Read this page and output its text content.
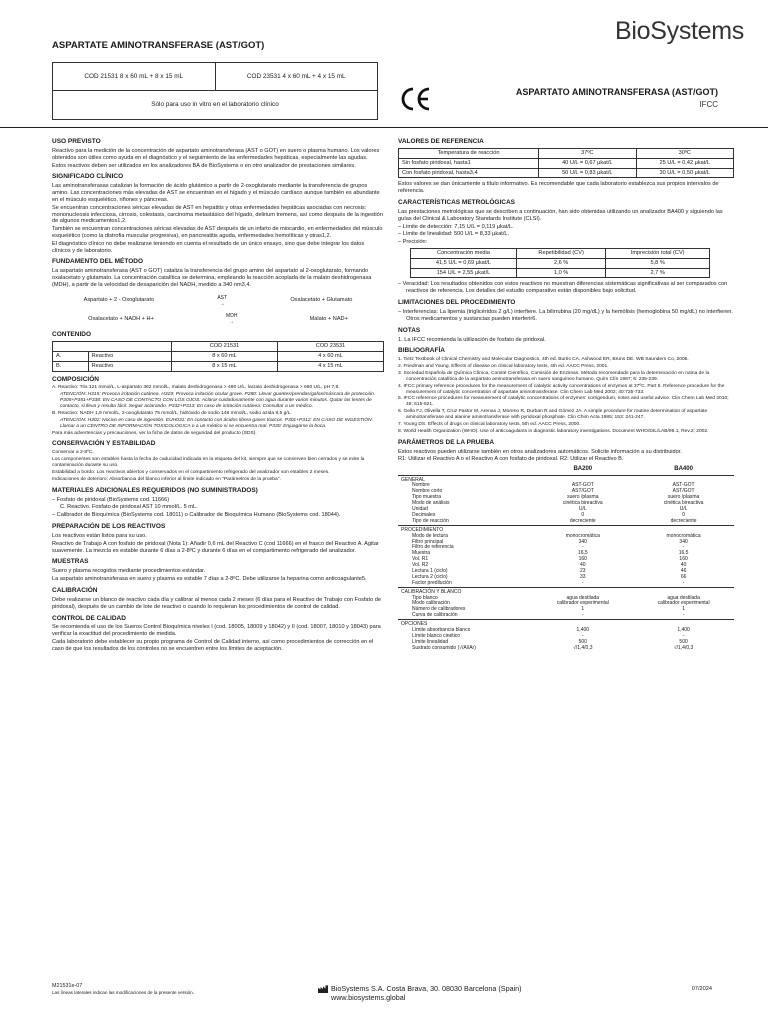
BioSystems
ASPARTATE AMINOTRANSFERASE (AST/GOT)
COD 21531 8 x 60 mL + 8 x 15 mL	COD 23531 4 x 60 mL + 4 x 15 mL
Sólo para uso in vitro en el laboratorio clínico
ASPARTATO AMINOTRANSFERASA (AST/GOT)
IFCC
USO PREVISTO

Reactivo para la medición de la concentración de aspartato aminotransferasa (AST o GOT) en suero o plasma humano. Los valores obtenidos son útiles como ayuda en el diagnóstico y el seguimiento de las enfermedades hepáticas, especialmente las agudas.

Estos reactivos deben ser utilizados en los analizadores BA de BioSystems o en otro analizador de prestaciones similares.

SIGNIFICADO CLÍNICO

Las aminotransferasas catalizan la formación de ácido glutámico a partir de 2-oxoglutarato mediante la transferencia de grupos amino. Las concentraciones más elevadas de AST se encuentran en el hígado y el músculo cardíaco aunque también es abundante en el músculo esquelético, riñones y páncreas.

Se encuentran concentraciones séricas elevadas de AST en hepatitis y otras enfermedades hepáticas asociadas con necrosis: mononucleosis infecciosa, cirrosis, colestasis, carcinoma metastásico del hígado, delirium tremens, así como después de la ingestión de algunos medicamentos1,2.

También se encuentran concentraciones séricas elevadas de AST después de un infarto de miocardio, en enfermedades del músculo esquelético (como la distrofia muscular progresiva), en pancreatitis aguda, enfermedades hemolíticas y otras1,2.

El diagnóstico clínico no debe realizarse teniendo en cuenta el resultado de un único ensayo, sino que debe integrar los datos clínicos y de laboratorio.

FUNDAMENTO DEL MÉTODO

La aspartato aminotransferasa (AST o GOT) cataliza la transferencia del grupo amino del aspartato al 2-oxoglutarato, formando oxalacetato y glutamato. La concentración catalítica se determina, empleando la reacción acoplada de la malato deshidrogenasa (MDH), a partir de la velocidad de desaparición del NADH, medido a 340 nm3,4.

Aspartato + 2 - Oxoglutarato	AST
→
Oxalacetato + Glutamato
Oxalacetato + NADH + H+	MDH
→
Malato + NAD+
CONTENIDO
		COD 21531	COD 23531
A.	Reactivo	8 x 60 mL	4 x 60 mL
B.	Reactivo	8 x 15 mL	4 x 15 mL
COMPOSICIÓN

A. Reactivo: Tris 121 mmol/L, L-aspartato 362 mmol/L, malato deshidrogenasa > 460 U/L, lactato deshidrogenasa > 660 U/L, pH 7,8.

ATENCIÓN: H315: Provoca irritación cutánea. H319: Provoca irritación ocular grave. P280: Llevar guantes/prendas/gafas/máscara de protección. P305+P351+P338: EN CASO DE CONTACTO CON LOS OJOS: Aclarar cuidadosamente con agua durante varios minutos. Quitar las lentes de contacto, si lleva y resulta fácil. Seguir aclarando. P332+P313: En caso de irritación cutánea: Consultar a un médico.

B. Reactivo: NADH 1,9 mmol/L, 2-oxoglutarato 75 mmol/L, hidróxido de sodio 148 mmol/L, sodio azida 9,5 g/L.

ATENCIÓN: H302: Nocivo en caso de ingestión. EUH031: En contacto con ácidos libera gases tóxicos. P301+P312: EN CASO DE INGESTIÓN: Llamar a un CENTRO DE INFORMACIÓN TOXICOLÓGICA o a un médico si se encuentra mal. P330: Enjuagarse la boca.

Para más advertencias y precauciones, ver la ficha de datos de seguridad del producto (SDS).

CONSERVACIÓN Y ESTABILIDAD

Conservar a 2-8ºC.

Los componentes son estables hasta la fecha de caducidad indicada en la etiqueta del kit, siempre que se conserven bien cerrados y se evite la contaminación durante su uso.

Estabilidad a bordo: Los reactivos abiertos y conservados en el compartimento refrigerado del analizador son estables 2 meses.

Indicaciones de deterioro: Absorbancia del blanco inferior al límite indicado en "Parámetros de la prueba".

MATERIALES ADICIONALES REQUERIDOS (NO SUMINISTRADOS)

– Fosfato de piridoxal (BioSystems cod. 11666)

C. Reactivo. Fosfato de piridoxal AST 10 mmol/L. 5 mL.

– Calibrador de Bioquímica (BioSystems cod. 18011) o Calibrador de Bioquímica Humano (BioSystems cod. 18044).

PREPARACIÓN DE LOS REACTIVOS

Los reactivos están listos para su uso.

Reactivo de Trabajo A con fosfato de piridoxal (Nota 1): Añadir 0,6 mL del Reactivo C (cod 11666) en el frasco del Reactivo A. Agitar suavemente. La mezcla es estable durante 6 días a 2-8ºC y durante 6 días en el compartimento refrigerado del analizador.

MUESTRAS

Suero y plasma recogidos mediante procedimientos estándar.

La aspartato aminotransferasa en suero y plasma es estable 7 días a 2-8ºC. Debe utilizarse la heparina como anticoagulante5.

CALIBRACIÓN

Debe realizarse un blanco de reactivo cada día y calibrar al menos cada 2 meses (6 días para el Reactivo de Trabajo con Fosfato de piridoxal), después de un cambio de lote de reactivo o cuando lo requieran los procedimientos de control de calidad.

CONTROL DE CALIDAD

Se recomienda el uso de los Sueros Control Bioquímica niveles I (cod. 18005, 18009 y 18042) y II (cod. 18007, 18010 y 18043) para verificar la exactitud del procedimiento de medida.

Cada laboratorio debe establecer su propio programa de Control de Calidad interno, así como procedimientos de corrección en el caso de que los resultados de los controles no se encuentren entre los límites de aceptación.

VALORES DE REFERENCIA
Temperatura de reacción	37ºC	30ºC
Sin fosfato piridoxal, hasta1	40 U/L = 0,67 µkat/L	25 U/L = 0,42 µkat/L
Con fosfato piridoxal, hasta3,4	50 U/L = 0,83 µkat/L	30 U/L = 0,50 µkat/L

Estos valores se dan únicamente a título informativo. Es recomendable que cada laboratorio establezca sus propios intervalos de referencia.

CARACTERÍSTICAS METROLÓGICAS

Las prestaciones metrológicas que se describen a continuación, han sido obtenidas utilizando un analizador BA400 y siguiendo las guías del Clinical & Laboratory Standards Institute (CLSI).

– Límite de detección: 7,15 U/L = 0,119 µkat/L.

– Límite de linealidad: 500 U/L = 8,33 µkat/L.

– Precisión:

Concentración media	Repetibilidad (CV)	Imprecisión total (CV)
41,5 U/L = 0,69 µkat/L	2,6 %	5,8 %
154 U/L = 2,55 µkat/L	1,0 %	2,7 %

– Veracidad: Los resultados obtenidos con estos reactivos no muestran diferencias sistemáticas significativas al ser comparados con reactivos de referencia. Los detalles del estudio comparativo están disponibles bajo solicitud.

LIMITACIONES DEL PROCEDIMIENTO

– Interferencias: La lipemia (triglicéridos 2 g/L) interfiere. La bilirrubina (20 mg/dL) y la hemólisis (hemoglobina 50 mg/dL) no interfieren. Otros medicamentos y sustancias pueden interferir6.

NOTAS

1. La IFCC recomienda la utilización de fosfato de piridoxal.

BIBLIOGRAFÍA

1. Tietz Textbook of Clinical Chemistry and Molecular Diagnostics, 4th ed. Burtis CA, Ashwood ER, Bruns DE. WB Saunders Co, 2005.

2. Friedman and Young. Effects of disease on clinical laboratory tests, 4th ed. AACC Press, 2001.

3. Sociedad Española de Química Clínica, Comité Científico, Comisión de Enzimas. Método recomendado para la determinación en rutina de la concentración catalítica de la aspartato aminotransferasa en suero sanguíneo humano. Quím Clín 1987; 6: 235-239.

4. IFCC primary reference procedures for the measurement of catalytic activity concentrations of enzymes at 37ºC. Part 5. Reference procedure for the measurement of catalytic concentration of aspartate aminotransferase. Clin Chem Lab Med 2002; 40:725-733.

5. IFCC reference procedures for measurement of catalytic concentrations of enzymes: corrigendum, notes and useful advice. Clin Chem Lab Med 2010; 48: 615-621.

6. Gella FJ, Olivella T, Cruz Pastor M, Arenas J, Moreno R, Durban R and Gómez JA. A simple procedure for routine determination of aspartate aminotransferase and alanine aminotransferase with pyridoxal phosphate. Clin Chim Acta 1985; 153: 241-247.

7. Young DS. Effects of drugs on clinical laboratory tests, 5th ed. AACC Press, 2000.

8. World Health Organization (WHO). Use of anticoagulants in diagnostic laboratory investigations. Document WHO/DIL/LAB/99.1, Rev.2; 2002.

PARÁMETROS DE LA PRUEBA

Estos reactivos pueden utilizarse también en otros analizadores automáticos. Solicite información a su distribuidor.

R1: Utilizar el Reactivo A o el Reactivo A con fosfato de piridoxal. R2: Utilizar el Reactivo B.

	BA200	BA400
GENERAL		
Nombre	AST-GOT	AST-GOT
Nombre corto	AST/GOT	AST/GOT
Tipo muestra	suero /plasma	suero /plasma
Modo de análisis	cinética bireactiva	cinética bireactiva
Unidad	U/L	U/L
Decimales	0	0
Tipo de reacción	decreciente	decreciente
PROCEDIMIENTO		
Modo de lectura	monocromática	monocromática
Filtro principal	340	340
Filtro de referencia	-	-
Muestra	16,5	16,5
Vol. R1	160	160
Vol. R2	40	40
Lectura 1 (ciclo)	23	46
Lectura 2 (ciclo)	33	66
Factor predilución	-	-
CALIBRACIÓN Y BLANCO		
Tipo blanco	agua destilada	agua destilada
Modo calibración	calibrador experimental	calibrador experimental
Número de calibradores	1	1
Curva de calibración	-	-
OPCIONES		
Límite absorbancia blanco	1,400	1,400
Límite blanco cinético	-	-
Límite linealidad	500	500
Sustrato consumido (√/Al/Ar)	√/1,4/0,3	√/1,4/0,3
M21531e-07
Las líneas laterales indican las modificaciones de la presente versión.	BioSystems S.A. Costa Brava, 30. 08030 Barcelona (Spain)
www.biosystems.global
07/2024
